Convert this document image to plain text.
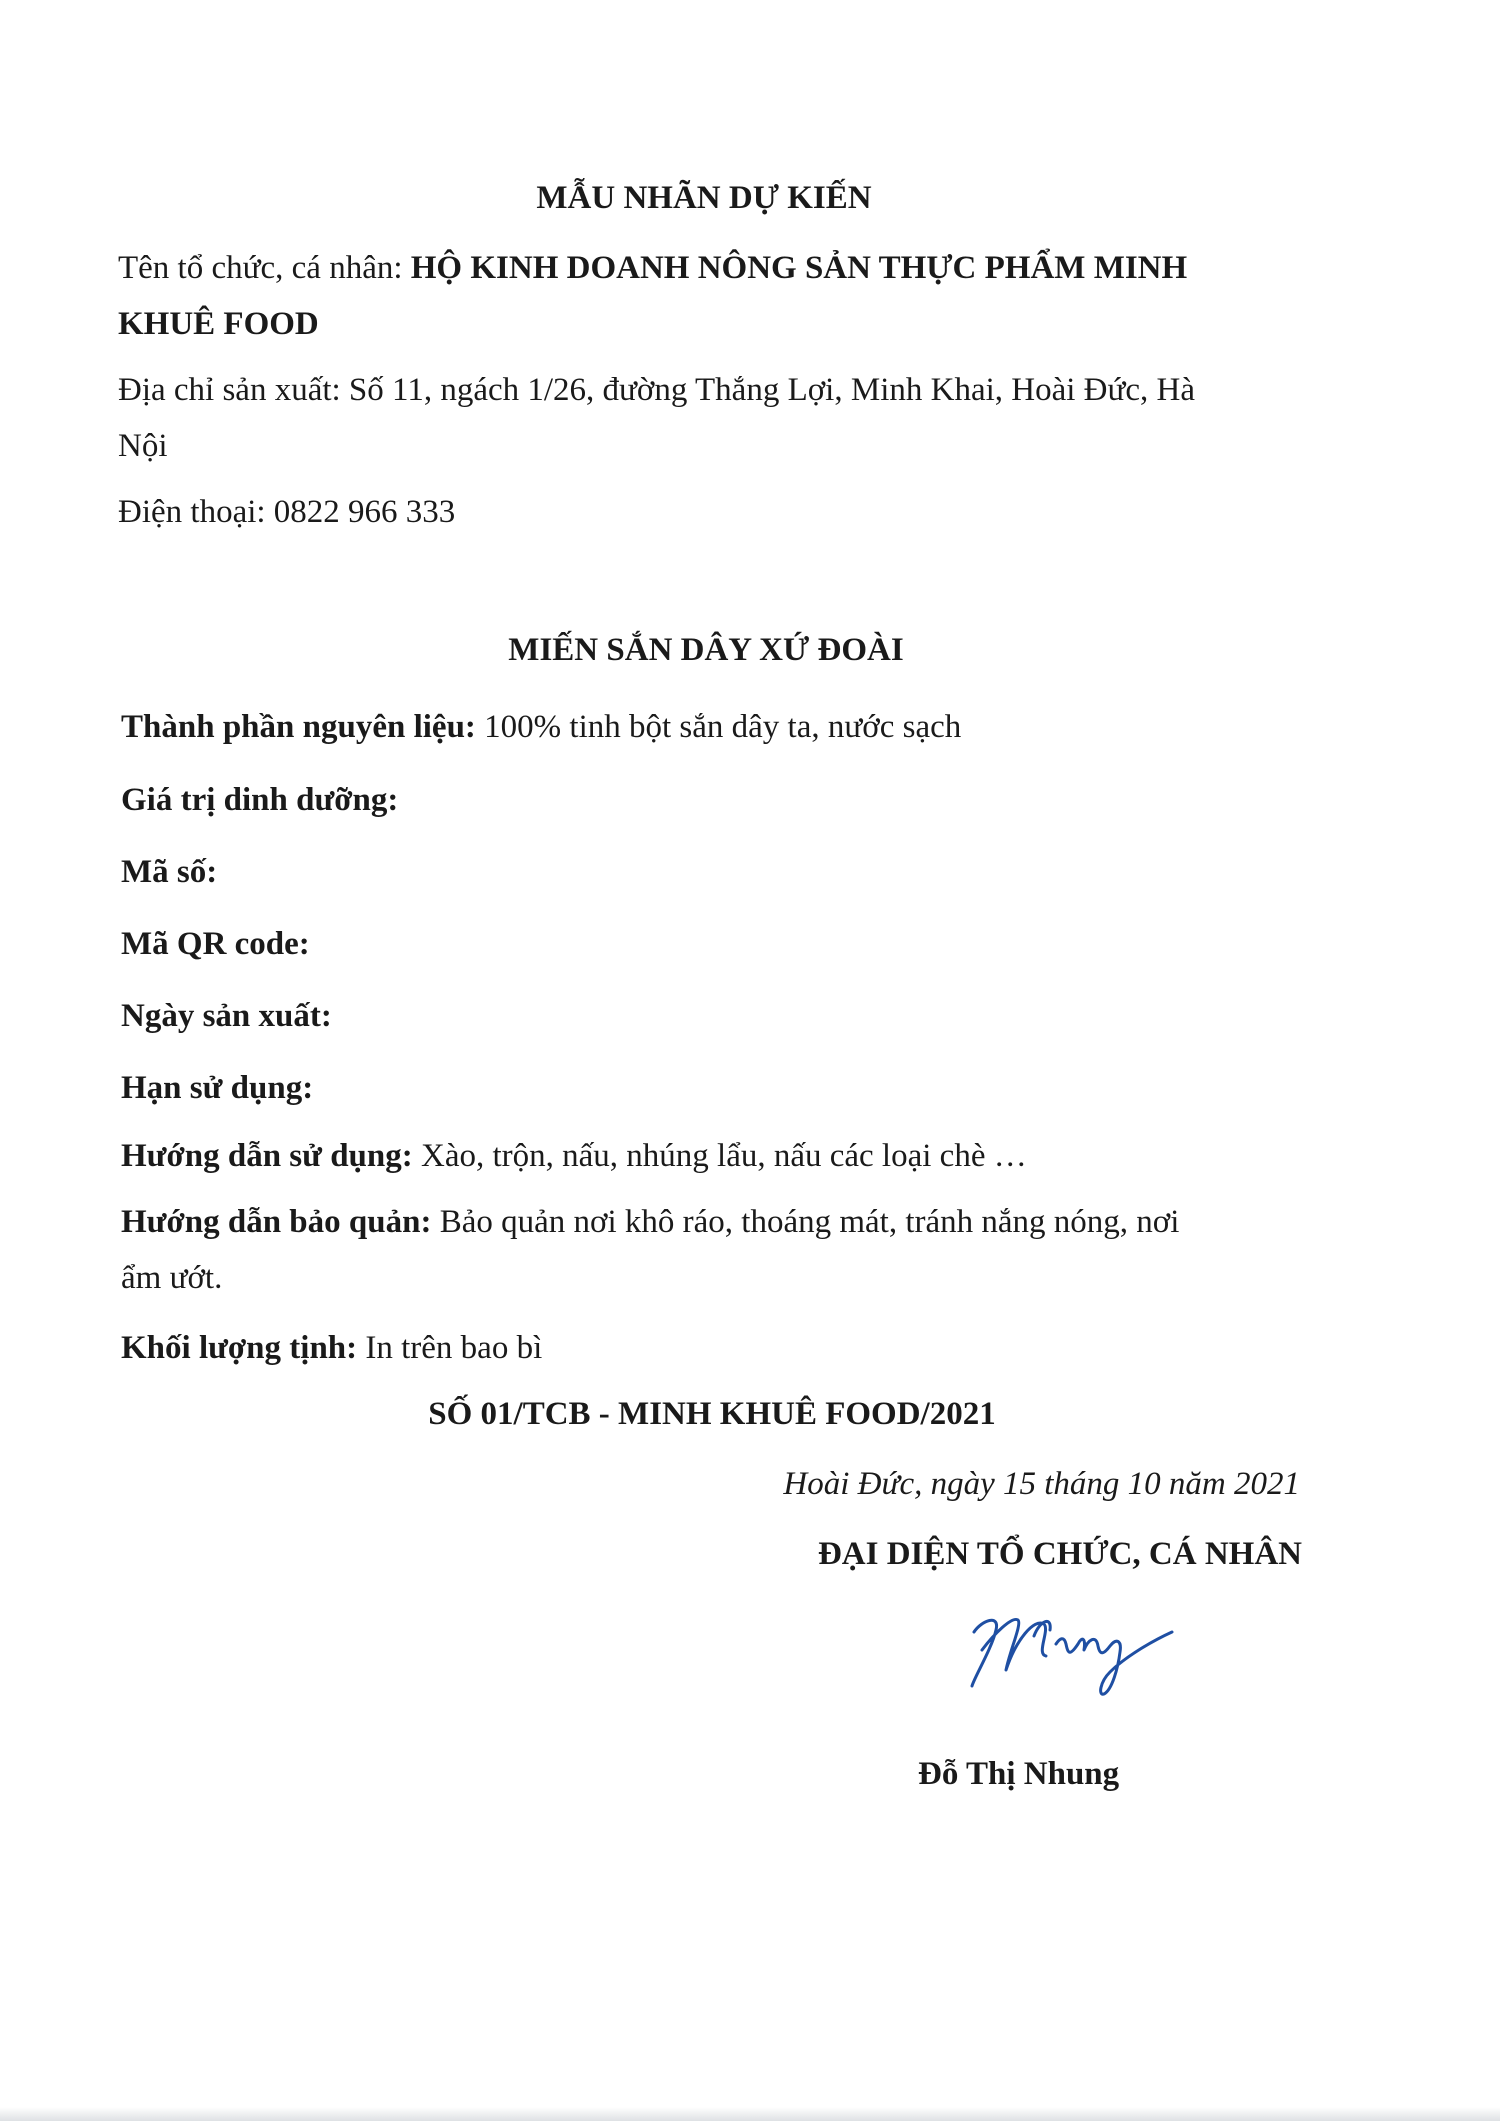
MẪU NHÃN DỰ KIẾN
Tên tổ chức, cá nhân: HỘ KINH DOANH NÔNG SẢN THỰC PHẨM MINH
KHUÊ FOOD
Địa chỉ sản xuất: Số 11, ngách 1/26, đường Thắng Lợi, Minh Khai, Hoài Đức, Hà
Nội
Điện thoại: 0822 966 333
MIẾN SẮN DÂY XỨ ĐOÀI
Thành phần nguyên liệu: 100% tinh bột sắn dây ta, nước sạch
Giá trị dinh dưỡng:
Mã số:
Mã QR code:
Ngày sản xuất:
Hạn sử dụng:
Hướng dẫn sử dụng: Xào, trộn, nấu, nhúng lẩu, nấu các loại chè …
Hướng dẫn bảo quản: Bảo quản nơi khô ráo, thoáng mát, tránh nắng nóng, nơi
ẩm ướt.
Khối lượng tịnh: In trên bao bì
SỐ 01/TCB - MINH KHUÊ FOOD/2021
Hoài Đức, ngày 15 tháng 10 năm 2021
ĐẠI DIỆN TỔ CHỨC, CÁ NHÂN
Đỗ Thị Nhung
